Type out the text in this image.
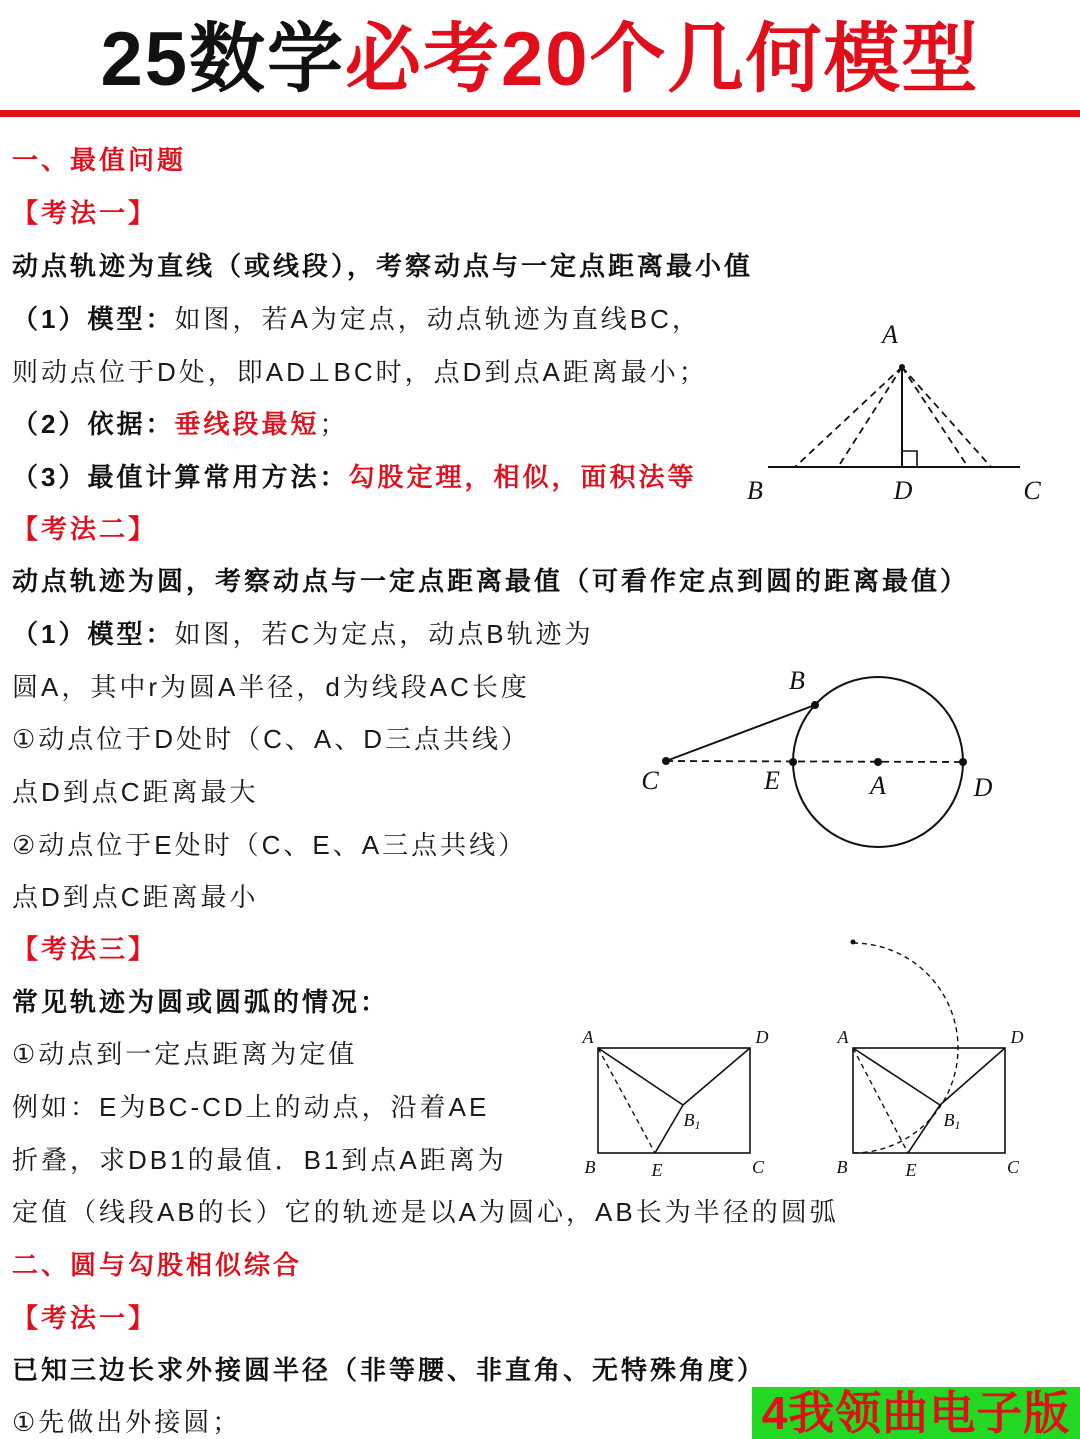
25数学必考20个几何模型
一、最值问题
【考法一】
动点轨迹为直线（或线段），考察动点与一定点距离最小值
（1）模型：如图，若A为定点，动点轨迹为直线BC，
则动点位于D处，即AD⊥BC时，点D到点A距离最小；
（2）依据：垂线段最短；
（3）最值计算常用方法：勾股定理，相似，面积法等
A
B	D	C
【考法二】
动点轨迹为圆，考察动点与一定点距离最值（可看作定点到圆的距离最值）
（1）模型：如图，若C为定点，动点B轨迹为
圆A，其中r为圆A半径，d为线段AC长度
①动点位于D处时（C、A、D三点共线）
点D到点C距离最大
②动点位于E处时（C、E、A三点共线）
点D到点C距离最小
B
C	E	A	D
【考法三】
常见轨迹为圆或圆弧的情况：
①动点到一定点距离为定值
例如：E为BC-CD上的动点，沿着AE
折叠，求DB1的最值．B1到点A距离为
定值（线段AB的长）它的轨迹是以A为圆心，AB长为半径的圆弧
A	D
B1
B	E	C
A	D
B1
B	E	C
二、圆与勾股相似综合
【考法一】
已知三边长求外接圆半径（非等腰、非直角、无特殊角度）
①先做出外接圆；	4我领曲电子版
